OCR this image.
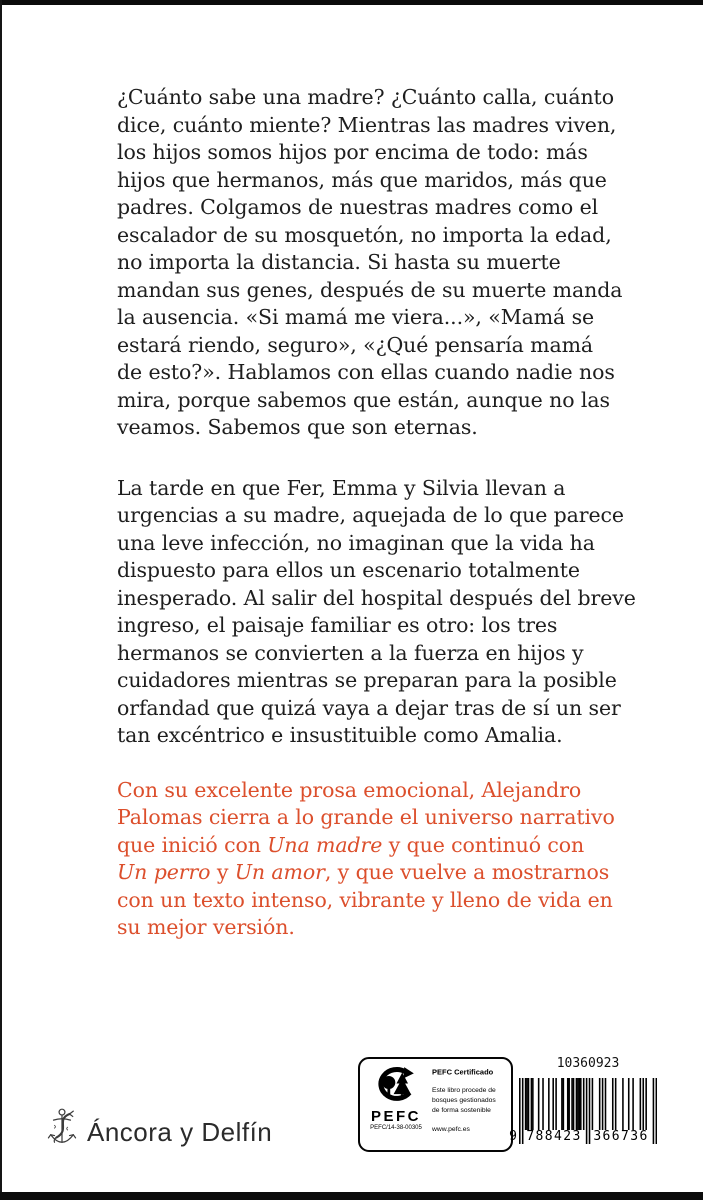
¿Cuánto sabe una madre? ¿Cuánto calla, cuánto
dice, cuánto miente? Mientras las madres viven,
los hijos somos hijos por encima de todo: más
hijos que hermanos, más que maridos, más que
padres. Colgamos de nuestras madres como el
escalador de su mosquetón, no importa la edad,
no importa la distancia. Si hasta su muerte
mandan sus genes, después de su muerte manda
la ausencia. «Si mamá me viera...», «Mamá se
estará riendo, seguro», «¿Qué pensaría mamá
de esto?». Hablamos con ellas cuando nadie nos
mira, porque sabemos que están, aunque no las
veamos. Sabemos que son eternas.
La tarde en que Fer, Emma y Silvia llevan a
urgencias a su madre, aquejada de lo que parece
una leve infección, no imaginan que la vida ha
dispuesto para ellos un escenario totalmente
inesperado. Al salir del hospital después del breve
ingreso, el paisaje familiar es otro: los tres
hermanos se convierten a la fuerza en hijos y
cuidadores mientras se preparan para la posible
orfandad que quizá vaya a dejar tras de sí un ser
tan excéntrico e insustituible como Amalia.
Con su excelente prosa emocional, Alejandro
Palomas cierra a lo grande el universo narrativo
que inició con Una madre y que continuó con
Un perro y Un amor, y que vuelve a mostrarnos
con un texto intenso, vibrante y lleno de vida en
su mejor versión.
Áncora y Delfín	PEFC
PEFC/14-38-00305
PEFC Certificado
Este libro procede de
bosques gestionados
de forma sostenible
www.pefc.es
10360923
9 788423 366736
